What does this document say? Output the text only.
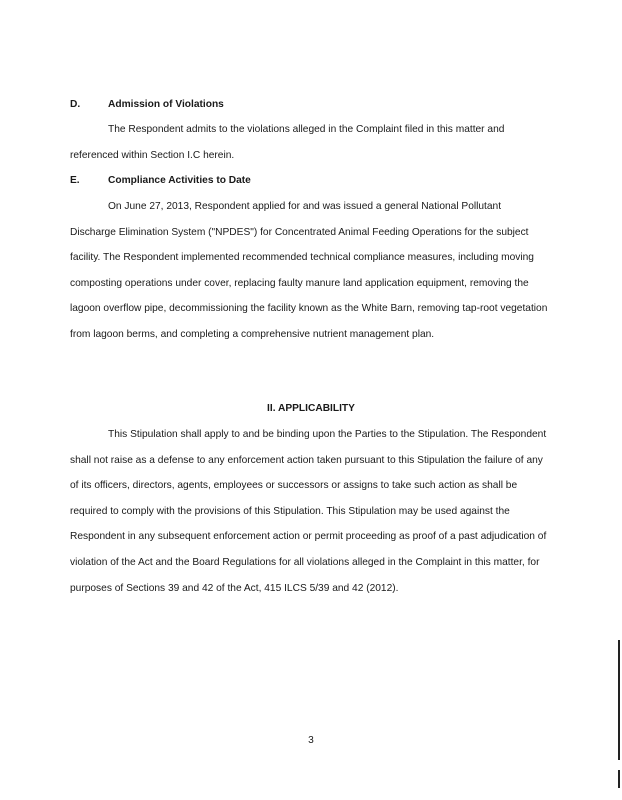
D.	Admission of Violations

The Respondent admits to the violations alleged in the Complaint filed in this matter and referenced within Section I.C herein.

E.	Compliance Activities to Date

On June 27, 2013, Respondent applied for and was issued a general National Pollutant Discharge Elimination System ("NPDES") for Concentrated Animal Feeding Operations for the subject facility. The Respondent implemented recommended technical compliance measures, including moving composting operations under cover, replacing faulty manure land application equipment, removing the lagoon overflow pipe, decommissioning the facility known as the White Barn, removing tap-root vegetation from lagoon berms, and completing a comprehensive nutrient management plan.

II. APPLICABILITY

This Stipulation shall apply to and be binding upon the Parties to the Stipulation. The Respondent shall not raise as a defense to any enforcement action taken pursuant to this Stipulation the failure of any of its officers, directors, agents, employees or successors or assigns to take such action as shall be required to comply with the provisions of this Stipulation. This Stipulation may be used against the Respondent in any subsequent enforcement action or permit proceeding as proof of a past adjudication of violation of the Act and the Board Regulations for all violations alleged in the Complaint in this matter, for purposes of Sections 39 and 42 of the Act, 415 ILCS 5/39 and 42 (2012).

3
